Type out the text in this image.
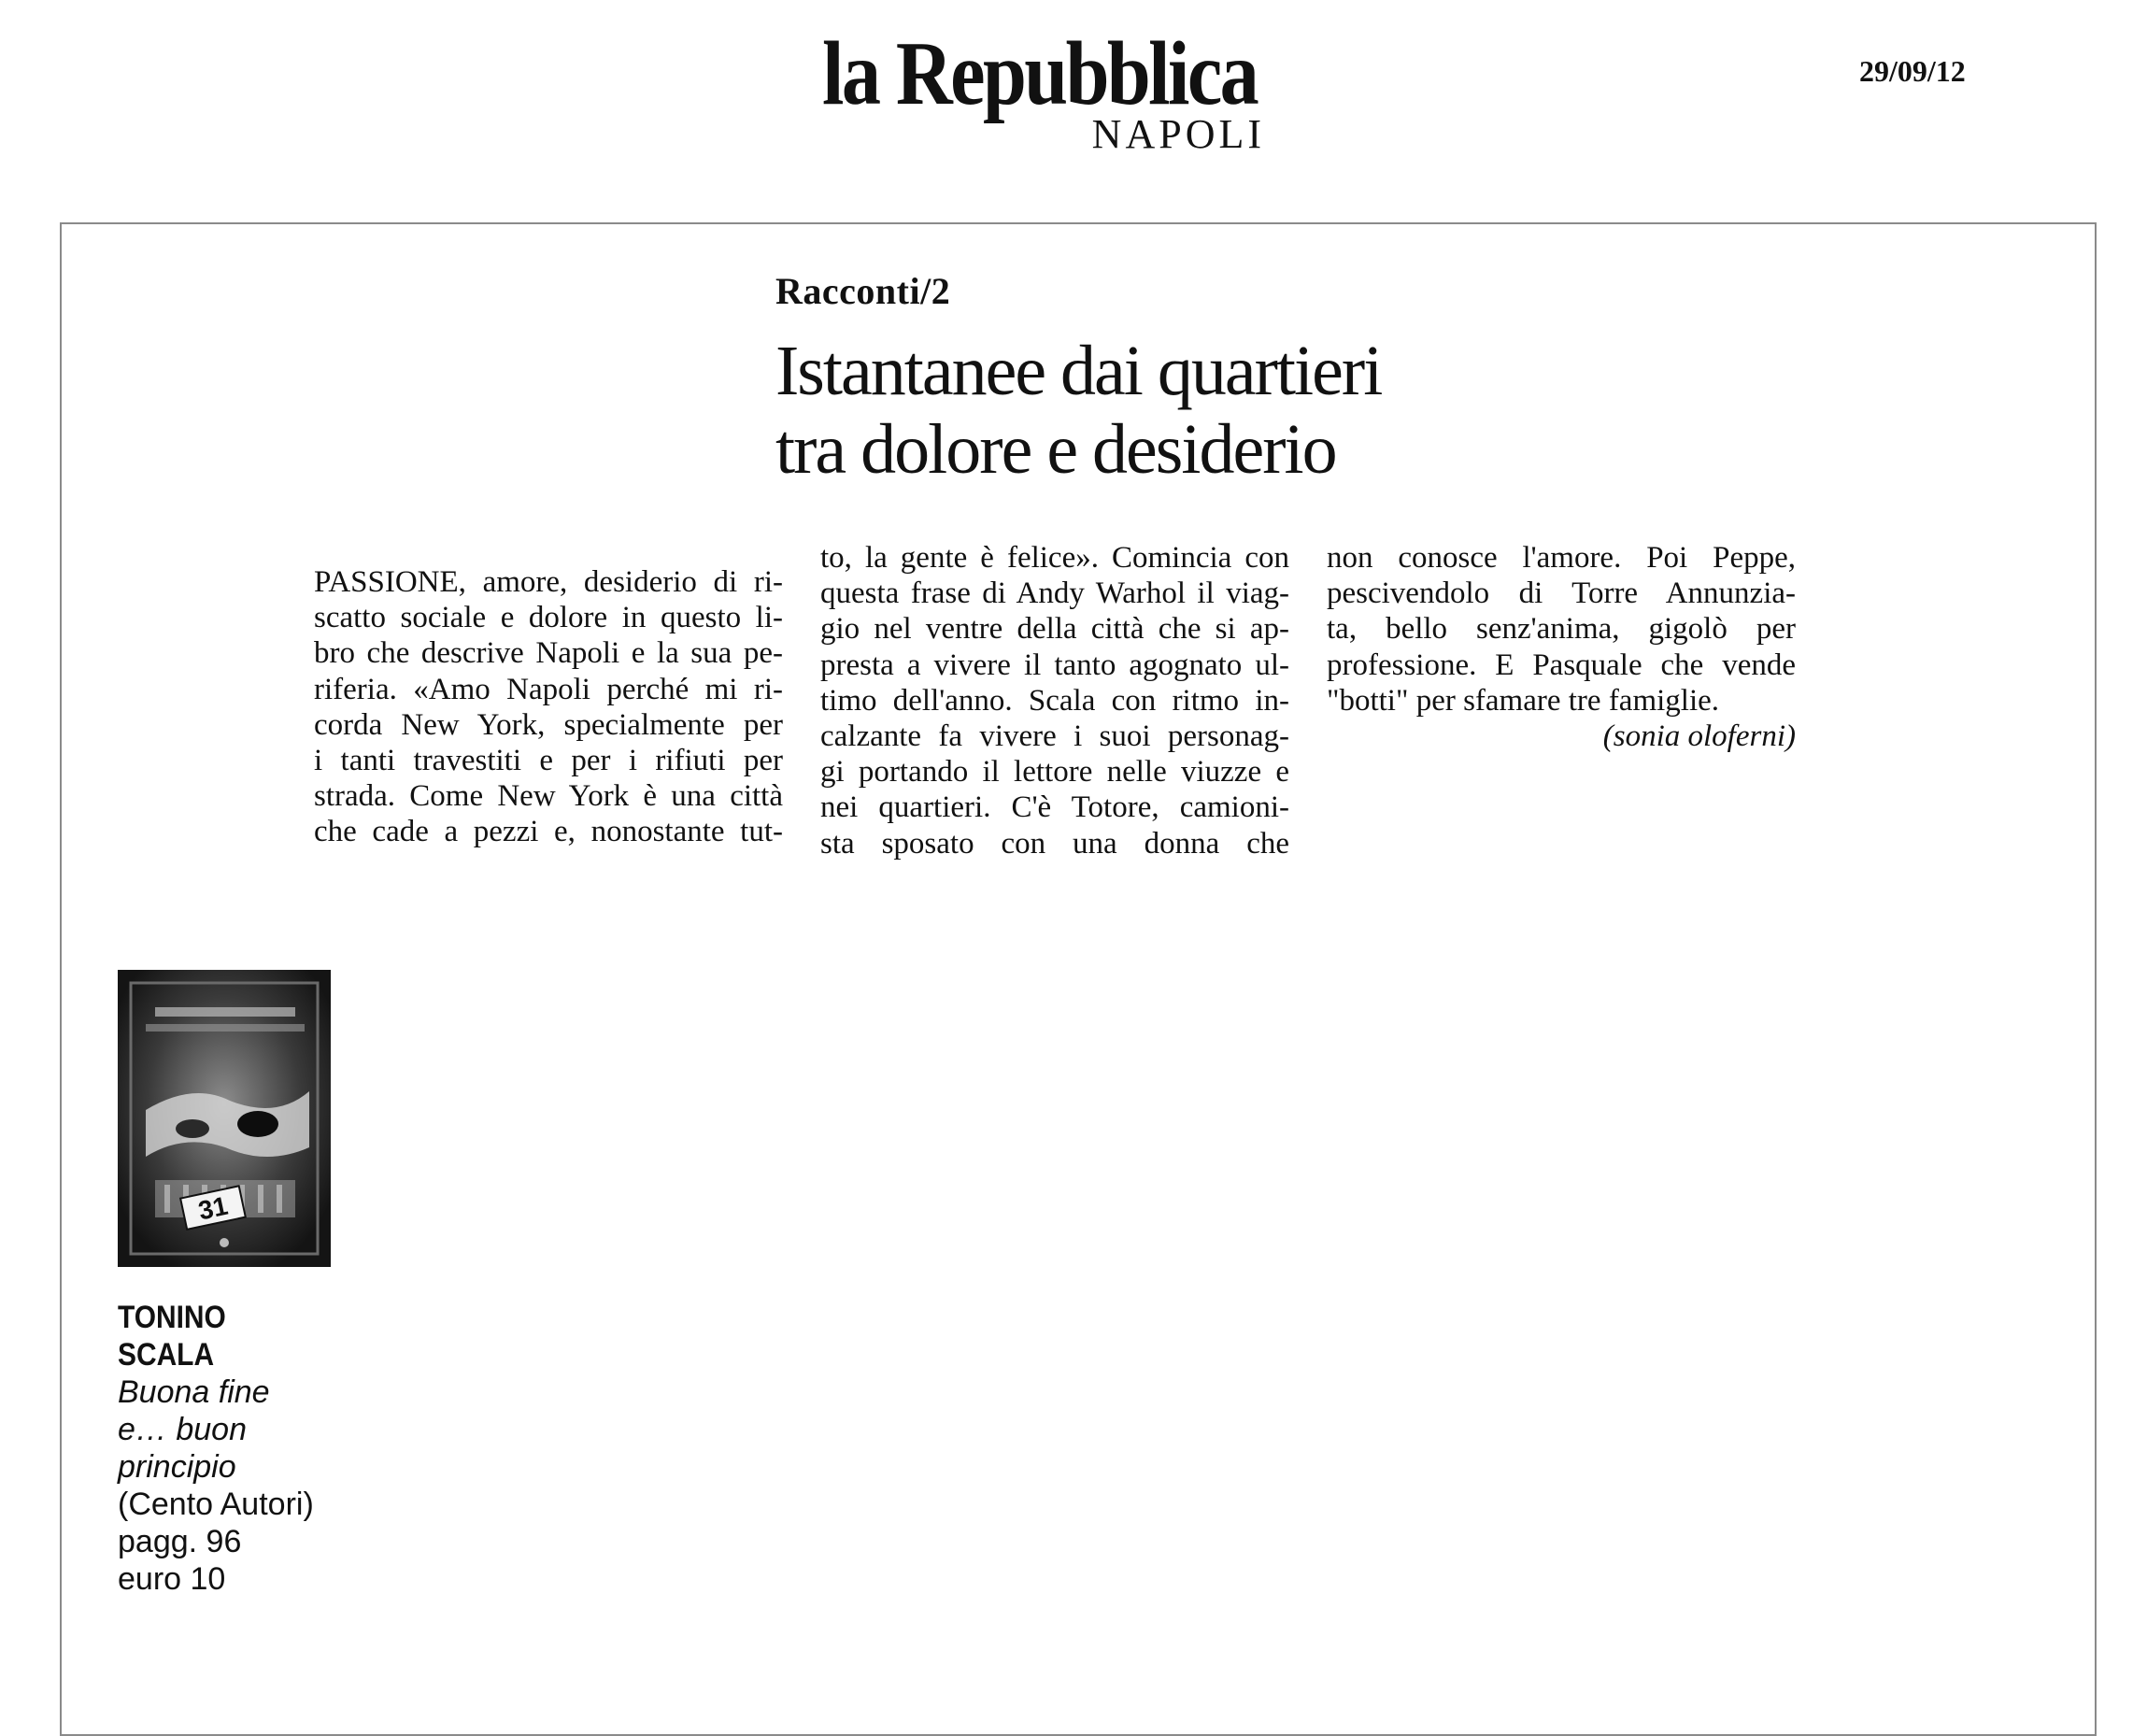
la Repubblica
NAPOLI
29/09/12
Racconti/2
Istantanee dai quartieri
tra dolore e desiderio
PASSIONE, amore, desiderio di ri-
scatto sociale e dolore in questo li-
bro che descrive Napoli e la sua pe-
riferia. «Amo Napoli perché mi ri-
corda New York, specialmente per
i tanti travestiti e per i rifiuti per
strada. Come New York è una città
che cade a pezzi e, nonostante tut-
to, la gente è felice». Comincia con
questa frase di Andy Warhol il viag-
gio nel ventre della città che si ap-
presta a vivere il tanto agognato ul-
timo dell'anno. Scala con ritmo in-
calzante fa vivere i suoi personag-
gi portando il lettore nelle viuzze e
nei quartieri. C'è Totore, camioni-
sta sposato con una donna che
non conosce l'amore. Poi Peppe,
pescivendolo di Torre Annunzia-
ta, bello senz'anima, gigolò per
professione. E Pasquale che vende
"botti" per sfamare tre famiglie.
(sonia oloferni)
31
TONINO
SCALA
Buona fine
e… buon
principio
(Cento Autori)
pagg. 96
euro 10
